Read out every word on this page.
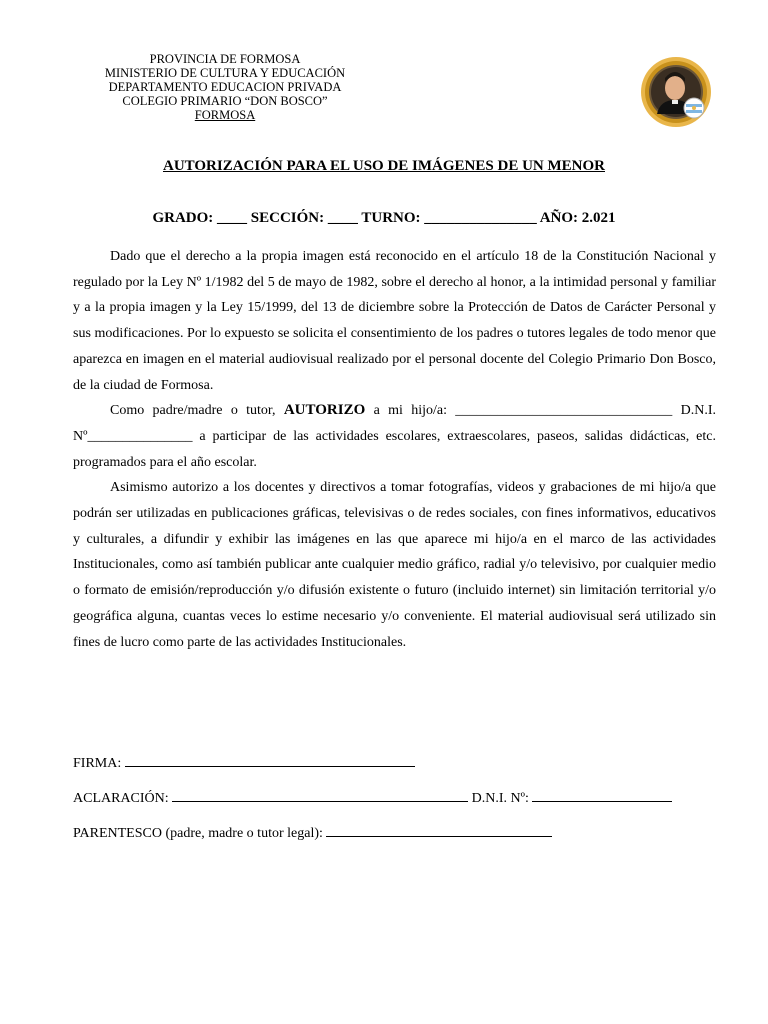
PROVINCIA DE FORMOSA
MINISTERIO DE CULTURA Y EDUCACIÓN
DEPARTAMENTO EDUCACION PRIVADA
COLEGIO PRIMARIO “DON BOSCO”
FORMOSA
AUTORIZACIÓN PARA EL USO DE IMÁGENES DE UN MENOR
GRADO: ____ SECCIÓN: ____ TURNO: _______________ AÑO: 2.021

Dado que el derecho a la propia imagen está reconocido en el artículo 18 de la Constitución Nacional y regulado por la Ley Nº 1/1982 del 5 de mayo de 1982, sobre el derecho al honor, a la intimidad personal y familiar y a la propia imagen y la Ley 15/1999, del 13 de diciembre sobre la Protección de Datos de Carácter Personal y sus modificaciones. Por lo expuesto se solicita el consentimiento de los padres o tutores legales de todo menor que aparezca en imagen en el material audiovisual realizado por el personal docente del Colegio Primario Don Bosco, de la ciudad de Formosa.

Como padre/madre o tutor, AUTORIZO a mi hijo/a: _______________________________ D.N.I. Nº_______________ a participar de las actividades escolares, extraescolares, paseos, salidas didácticas, etc. programados para el año escolar.

Asimismo autorizo a los docentes y directivos a tomar fotografías, videos y grabaciones de mi hijo/a que podrán ser utilizadas en publicaciones gráficas, televisivas o de redes sociales, con fines informativos, educativos y culturales, a difundir y exhibir las imágenes en las que aparece mi hijo/a en el marco de las actividades Institucionales, como así también publicar ante cualquier medio gráfico, radial y/o televisivo, por cualquier medio o formato de emisión/reproducción y/o difusión existente o futuro (incluido internet) sin limitación territorial y/o geográfica alguna, cuantas veces lo estime necesario y/o conveniente. El material audiovisual será utilizado sin fines de lucro como parte de las actividades Institucionales.

FIRMA:
ACLARACIÓN:	D.N.I. Nº:
PARENTESCO (padre, madre o tutor legal):
